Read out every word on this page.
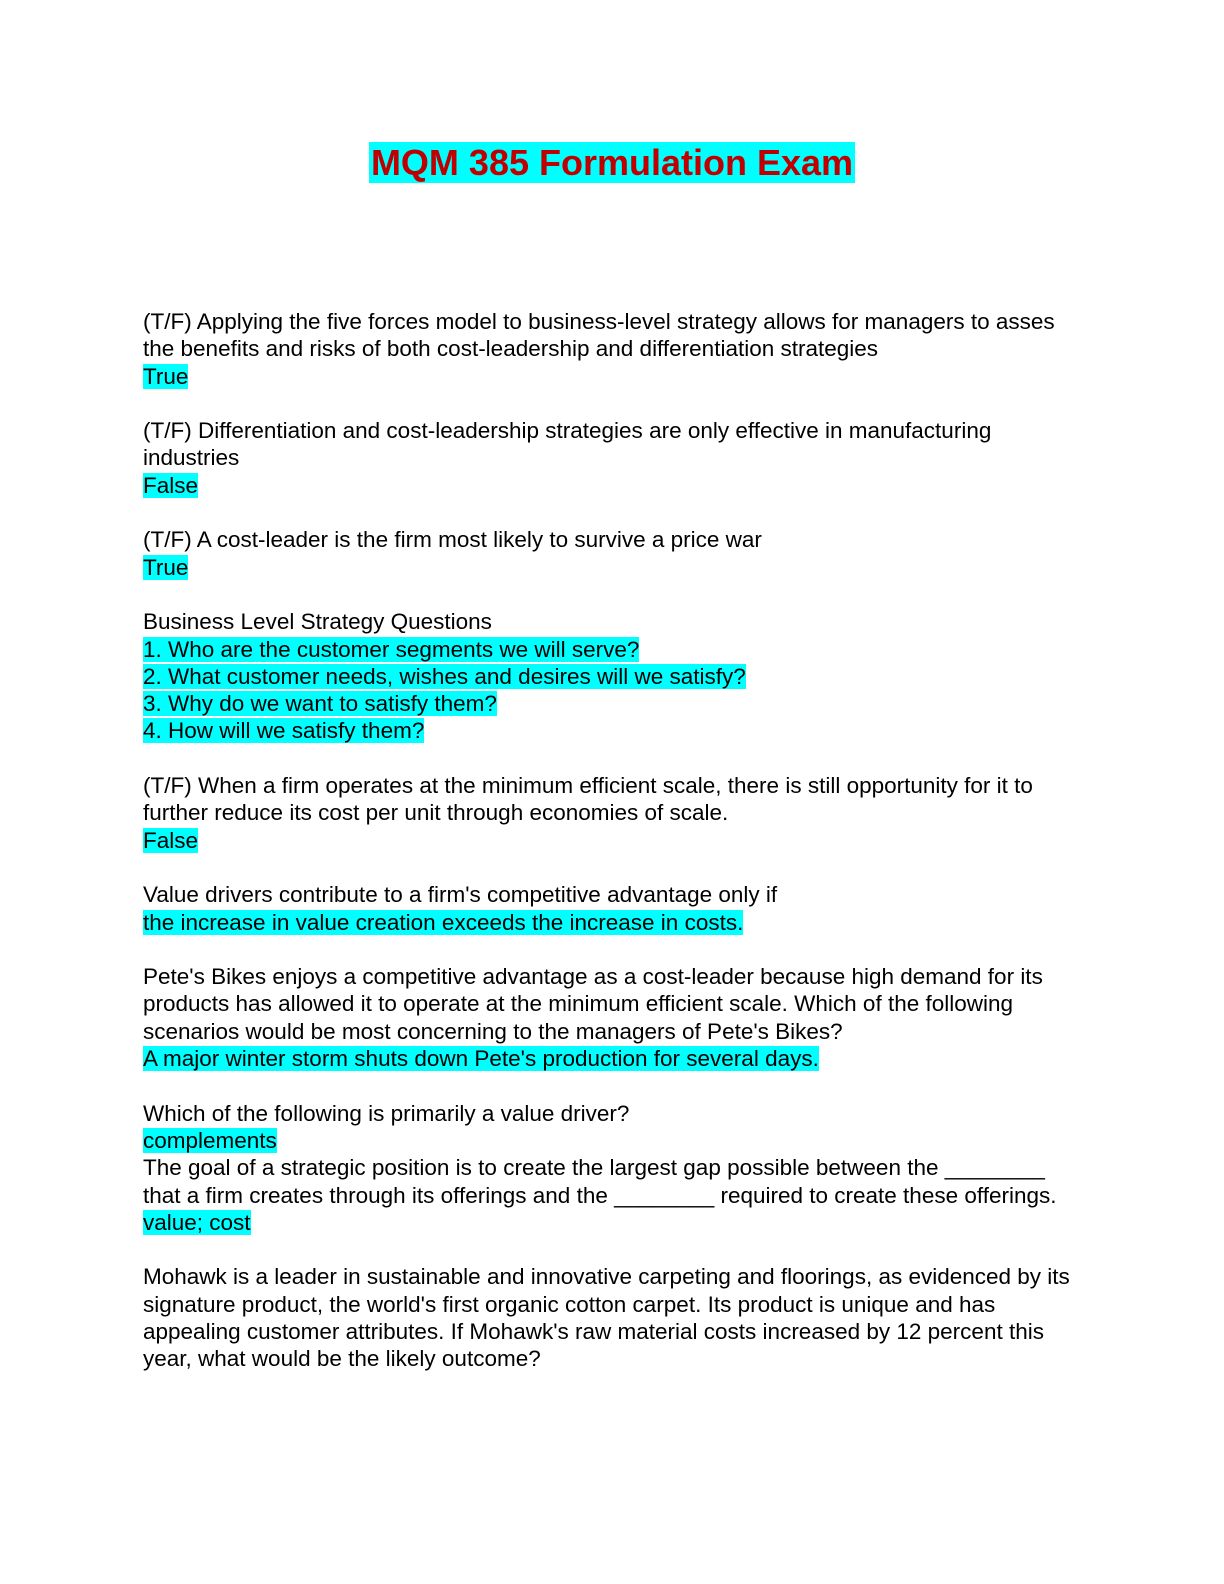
MQM 385 Formulation Exam

(T/F) Applying the five forces model to business-level strategy allows for managers to asses the benefits and risks of both cost-leadership and differentiation strategies

True

(T/F) Differentiation and cost-leadership strategies are only effective in manufacturing industries

False

(T/F) A cost-leader is the firm most likely to survive a price war

True

Business Level Strategy Questions

1. Who are the customer segments we will serve?

2. What customer needs, wishes and desires will we satisfy?

3. Why do we want to satisfy them?

4. How will we satisfy them?

(T/F) When a firm operates at the minimum efficient scale, there is still opportunity for it to further reduce its cost per unit through economies of scale.

False

Value drivers contribute to a firm's competitive advantage only if

the increase in value creation exceeds the increase in costs.

Pete's Bikes enjoys a competitive advantage as a cost-leader because high demand for its products has allowed it to operate at the minimum efficient scale. Which of the following scenarios would be most concerning to the managers of Pete's Bikes?

A major winter storm shuts down Pete's production for several days.

Which of the following is primarily a value driver?

complements

The goal of a strategic position is to create the largest gap possible between the ________ that a firm creates through its offerings and the ________ required to create these offerings.

value; cost

Mohawk is a leader in sustainable and innovative carpeting and floorings, as evidenced by its signature product, the world's first organic cotton carpet. Its product is unique and has appealing customer attributes. If Mohawk's raw material costs increased by 12 percent this year, what would be the likely outcome?
